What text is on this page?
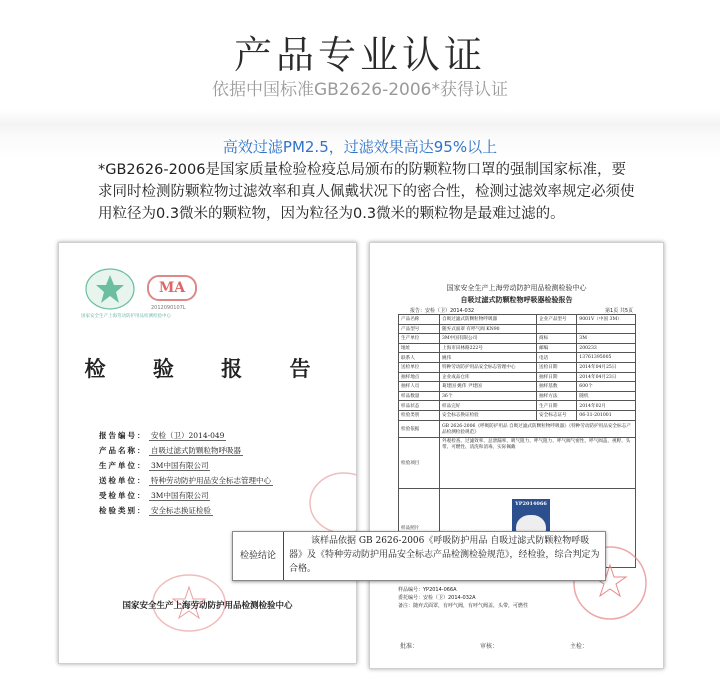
产品专业认证
依据中国标准GB2626-2006*获得认证
高效过滤PM2.5，过滤效果高达95%以上
*GB2626-2006是国家质量检验检疫总局颁布的防颗粒物口罩的强制国家标准，要求同时检测防颗粒物过滤效率和真人佩戴状况下的密合性，检测过滤效率规定必须使用粒径为0.3微米的颗粒物，因为粒径为0.3微米的颗粒物是最难过滤的。
国家安全生产上海劳动防护用品检测检验中心
MA
2012090107L
检 验 报 告
报告编号： 安检（卫）2014-049
产品名称： 自吸过滤式防颗粒物呼吸器
生产单位： 3M中国有限公司
送检单位： 特种劳动防护用品安全标志管理中心
受检单位： 3M中国有限公司
检验类别： 安全标志换证检验
国家安全生产上海劳动防护用品检测检验中心
国家安全生产上海劳动防护用品检测检验中心
自吸过滤式防颗粒物呼吸器检验报告
报告：安检（卫）2014-032	第1页 共5页
产品名称	自吸过滤式防颗粒物呼吸器	企业产品型号	9001V（中国 3M）
产品型号	随弃式面罩 有呼气阀 KN90		
生产单位	3M中国有限公司	商标	3M
地址	上海市田林路222号	邮编	200233
联系人	姚伟	电话	13761395005
送检单位	特种劳动防护用品安全标志管理中心	送检日期	2014年04月25日
抽样地点	企业成品仓库	抽样日期	2014年04月23日
抽样人员	葛建国 姚伟 尹建国	抽样基数	600个
样品数量	36个	抽样方法	随机
样品状态	样品完好	生产日期	2014年02月
检验类别	安全标志换证检验	安全标志证号	06-31-201001
检验依据	GB 2626-2006《呼吸防护用品 自吸过滤式防颗粒物呼吸器》《特种劳动防护用品安全标志产品检测检验规范》		
检验项目	外观检查、过滤效率、总泄漏率、吸气阻力、呼气阻力、呼气阀气密性、呼气阀盖、视野、头带、可燃性、清洗和消毒、实际佩戴		
样品照片	YP2014066		
样品编号：YP2014-066A
委托编号：安检（卫）2014-032A
备注：随弃式面罩，有呼气阀，有呼气阀盖，头带，可燃性
批准：	审核：	主检：
检验结论
该样品依据 GB 2626-2006《呼吸防护用品 自吸过滤式防颗粒物呼吸器》及《特种劳动防护用品安全标志产品检测检验规范》，经检验，综合判定为合格。
